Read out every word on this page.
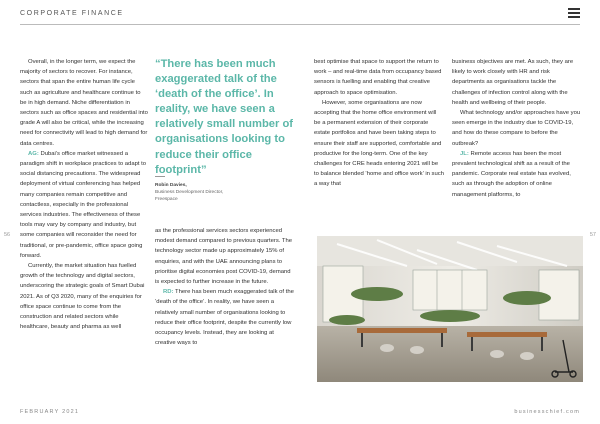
CORPORATE FINANCE

Overall, in the longer term, we expect the majority of sectors to recover. For instance, sectors that span the entire human life cycle such as agriculture and healthcare continue to be in high demand. Niche differentiation in sectors such as office spaces and residential into grade A will also be critical, while the increasing need for connectivity will lead to high demand for data centres.

AG: Dubai’s office market witnessed a paradigm shift in workplace practices to adapt to social distancing precautions. The widespread deployment of virtual conferencing has helped many companies remain competitive and contactless, especially in the professional services industries. The effectiveness of these tools may vary by company and industry, but some companies will reconsider the need for traditional, or pre-pandemic, office space going forward.

Currently, the market situation has fuelled growth of the technology and digital sectors, underscoring the strategic goals of Smart Dubai 2021. As of Q3 2020, many of the enquiries for office space continue to come from the construction and related sectors while healthcare, beauty and pharma as well

“There has been much exaggerated talk of the ‘death of the office’. In reality, we have seen a relatively small number of organisations looking to reduce their office footprint”
Robin Davies,
Business Development Director,
Freespace

as the professional services sectors experienced modest demand compared to previous quarters. The technology sector made up approximately 15% of enquiries, and with the UAE announcing plans to prioritise digital economies post COVID-19, demand is expected to further increase in the future.

RD: There has been much exaggerated talk of the ‘death of the office’. In reality, we have seen a relatively small number of organisations looking to reduce their office footprint, despite the currently low occupancy levels. Instead, they are looking at creative ways to

best optimise that space to support the return to work – and real-time data from occupancy based sensors is fuelling and enabling that creative approach to space optimisation.

However, some organisations are now accepting that the home office environment will be a permanent extension of their corporate estate portfolios and have been taking steps to ensure their staff are supported, comfortable and productive for the long-term. One of the key challenges for CRE heads entering 2021 will be to balance blended ‘home and office work’ in such a way that

business objectives are met. As such, they are likely to work closely with HR and risk departments as organisations tackle the challenges of infection control along with the health and wellbeing of their people.

What technology and/or approaches have you seen emerge in the industry due to COVID-19, and how do these compare to before the outbreak?

JL: Remote access has been the most prevalent technological shift as a result of the pandemic. Corporate real estate has evolved, such as through the adoption of online management platforms, to

56	57
FEBRUARY 2021	businesschief.com
